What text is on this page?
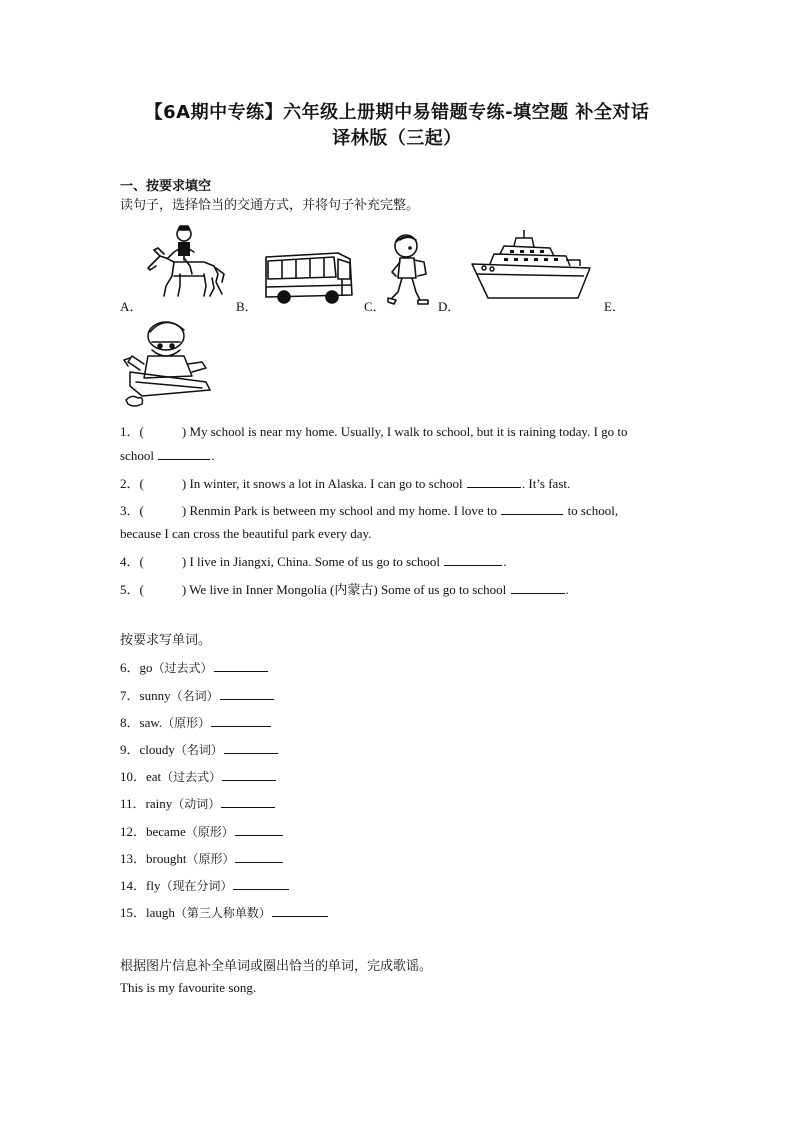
【6A期中专练】六年级上册期中易错题专练-填空题 补全对话
译林版（三起）
一、按要求填空
读句子，选择恰当的交通方式，并将句子补充完整。
A．	B．	C．	D．	E．
1．(	) My school is near my home. Usually, I walk to school, but it is raining today. I go to
school	.
2．(	) In winter, it snows a lot in Alaska. I can go to school	. It’s fast.
3．(	) Renmin Park is between my school and my home. I love to	to school,
because I can cross the beautiful park every day.
4．(	) I live in Jiangxi, China. Some of us go to school	.
5．(	) We live in Inner Mongolia (内蒙古) Some of us go to school	.
按要求写单词。
6．go（过去式）
7．sunny（名词）
8．saw.（原形）
9．cloudy（名词）
10．eat（过去式）
11．rainy（动词）
12．became（原形）
13．brought（原形）
14．fly（现在分词）
15．laugh（第三人称单数）
根据图片信息补全单词或圈出恰当的单词，完成歌谣。
This is my favourite song.
